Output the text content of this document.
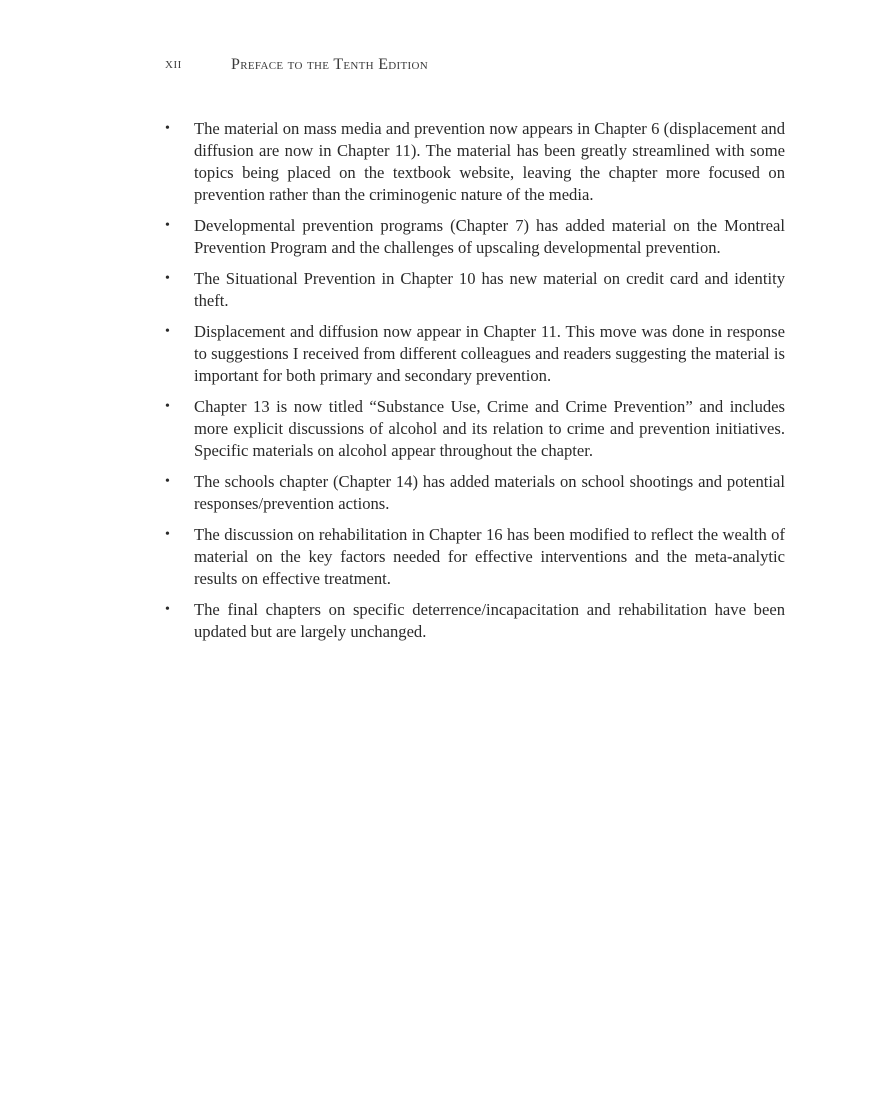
xii	Preface to the Tenth Edition
•	The material on mass media and prevention now appears in Chapter 6 (displacement and diffusion are now in Chapter 11). The material has been greatly streamlined with some topics being placed on the textbook website, leaving the chapter more focused on prevention rather than the criminogenic nature of the media.
•	Developmental prevention programs (Chapter 7) has added material on the Montreal Prevention Program and the challenges of upscaling developmental prevention.
•	The Situational Prevention in Chapter 10 has new material on credit card and identity theft.
•	Displacement and diffusion now appear in Chapter 11. This move was done in response to suggestions I received from different colleagues and readers suggesting the material is important for both primary and secondary prevention.
•	Chapter 13 is now titled “Substance Use, Crime and Crime Prevention” and includes more explicit discussions of alcohol and its relation to crime and prevention initiatives. Specific materials on alcohol appear throughout the chapter.
•	The schools chapter (Chapter 14) has added materials on school shootings and potential responses/prevention actions.
•	The discussion on rehabilitation in Chapter 16 has been modified to reflect the wealth of material on the key factors needed for effective interventions and the meta-analytic results on effective treatment.
•	The final chapters on specific deterrence/incapacitation and rehabilitation have been updated but are largely unchanged.
